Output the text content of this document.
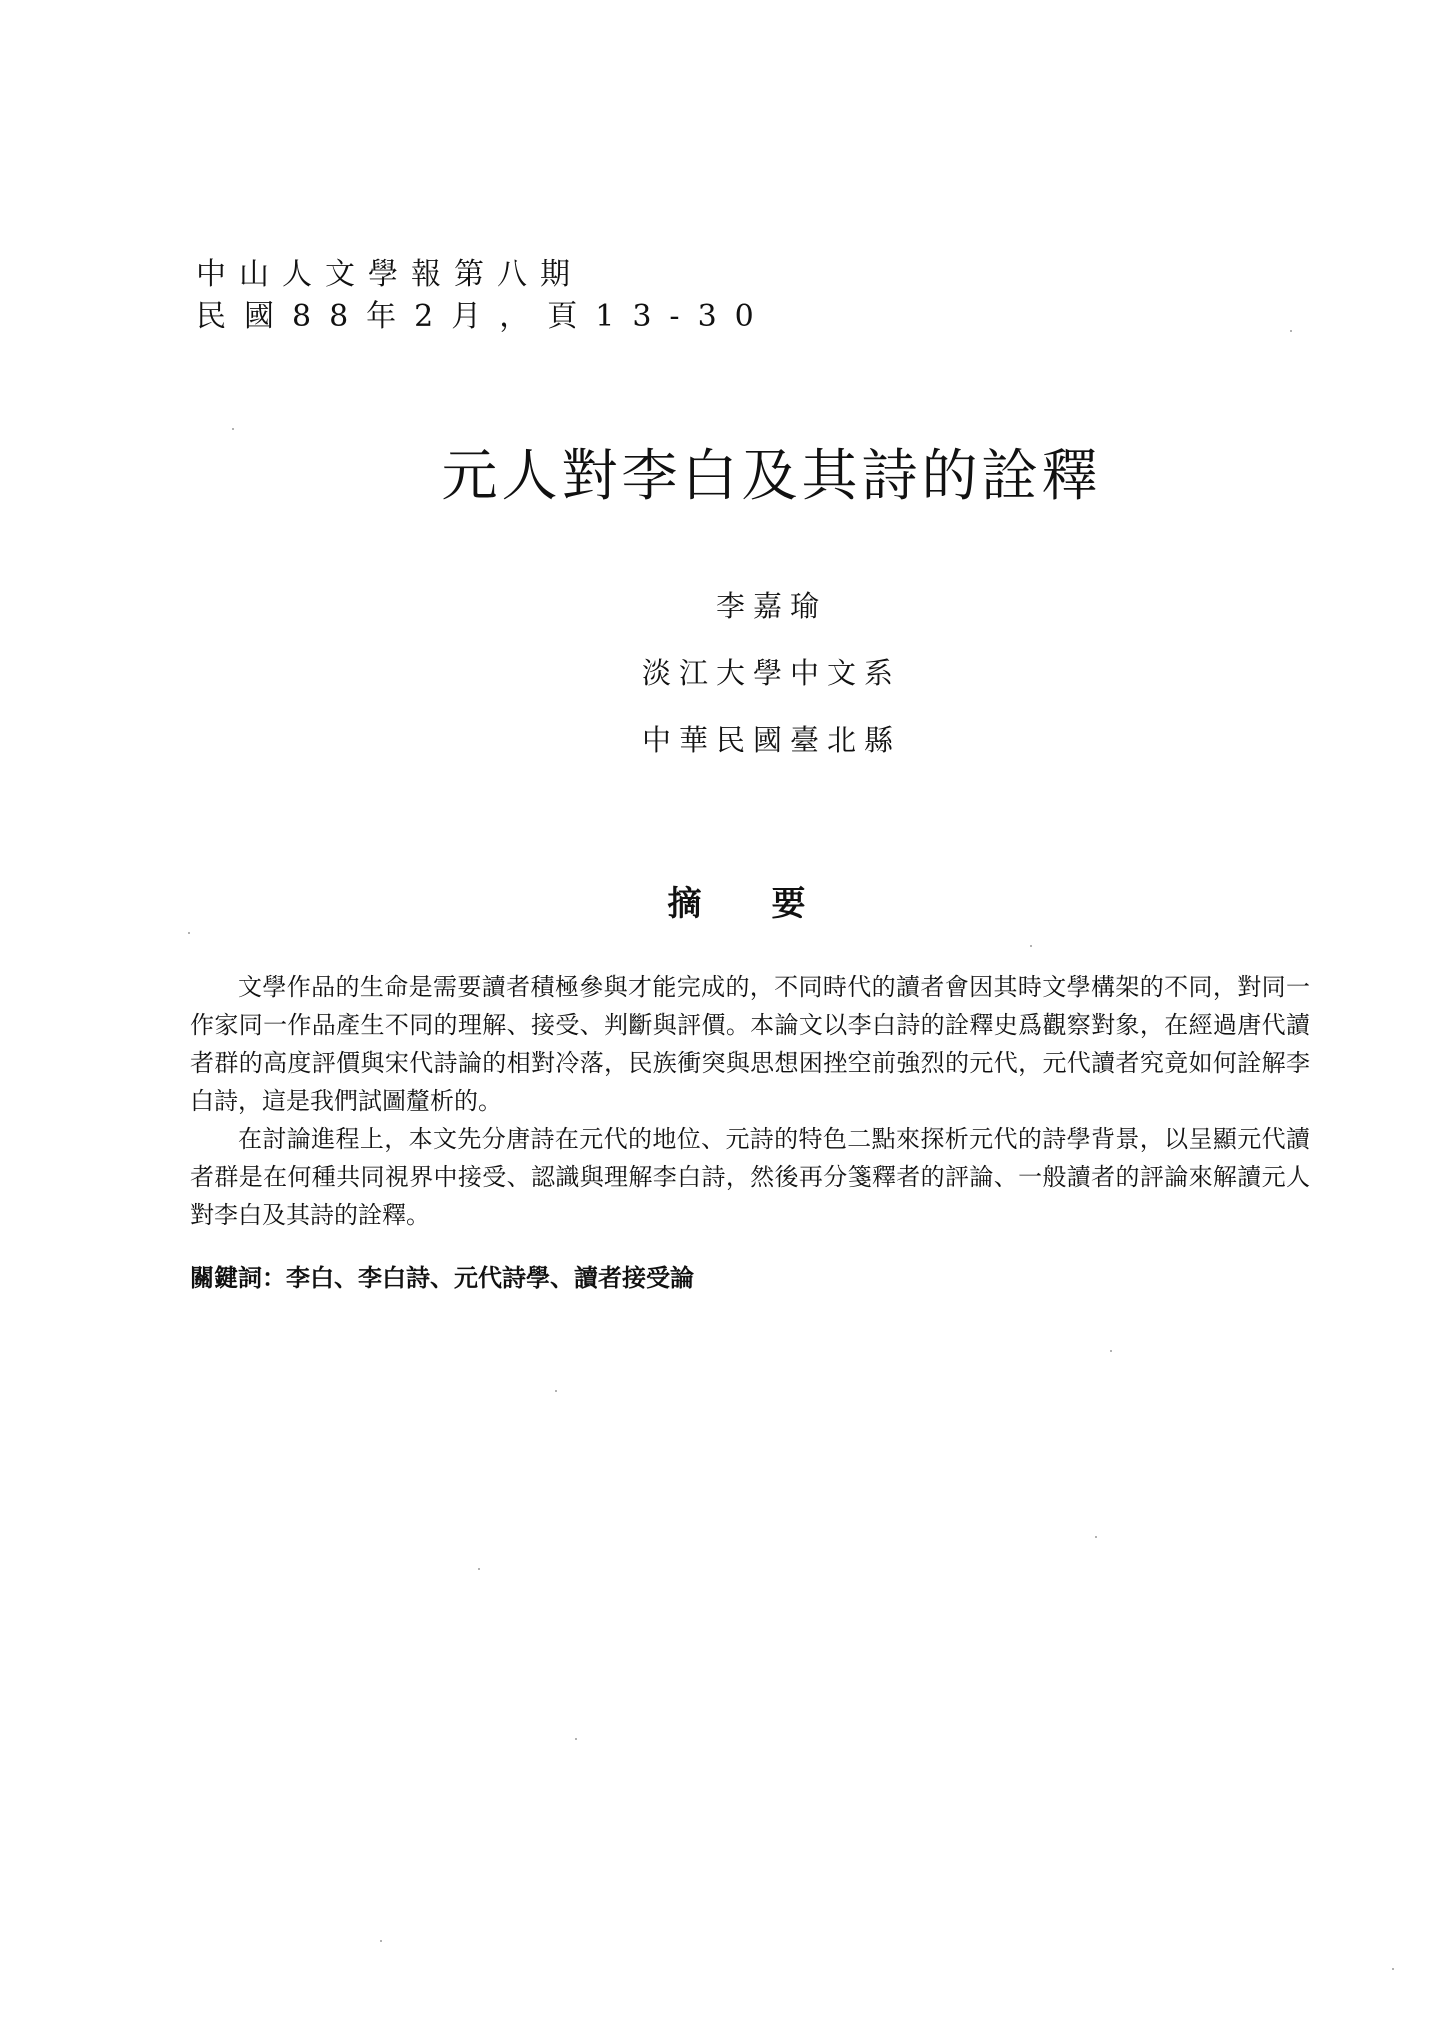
中山人文學報第八期
民國88年2月，頁13-30
元人對李白及其詩的詮釋
李嘉瑜
淡江大學中文系
中華民國臺北縣
摘要

文學作品的生命是需要讀者積極參與才能完成的，不同時代的讀者會因其時文學構架的不同，對同一作家同一作品產生不同的理解、接受、判斷與評價。本論文以李白詩的詮釋史爲觀察對象，在經過唐代讀者群的高度評價與宋代詩論的相對冷落，民族衝突與思想困挫空前強烈的元代，元代讀者究竟如何詮解李白詩，這是我們試圖釐析的。

在討論進程上，本文先分唐詩在元代的地位、元詩的特色二點來探析元代的詩學背景，以呈顯元代讀者群是在何種共同視界中接受、認識與理解李白詩，然後再分箋釋者的評論、一般讀者的評論來解讀元人對李白及其詩的詮釋。

關鍵詞：李白、李白詩、元代詩學、讀者接受論
